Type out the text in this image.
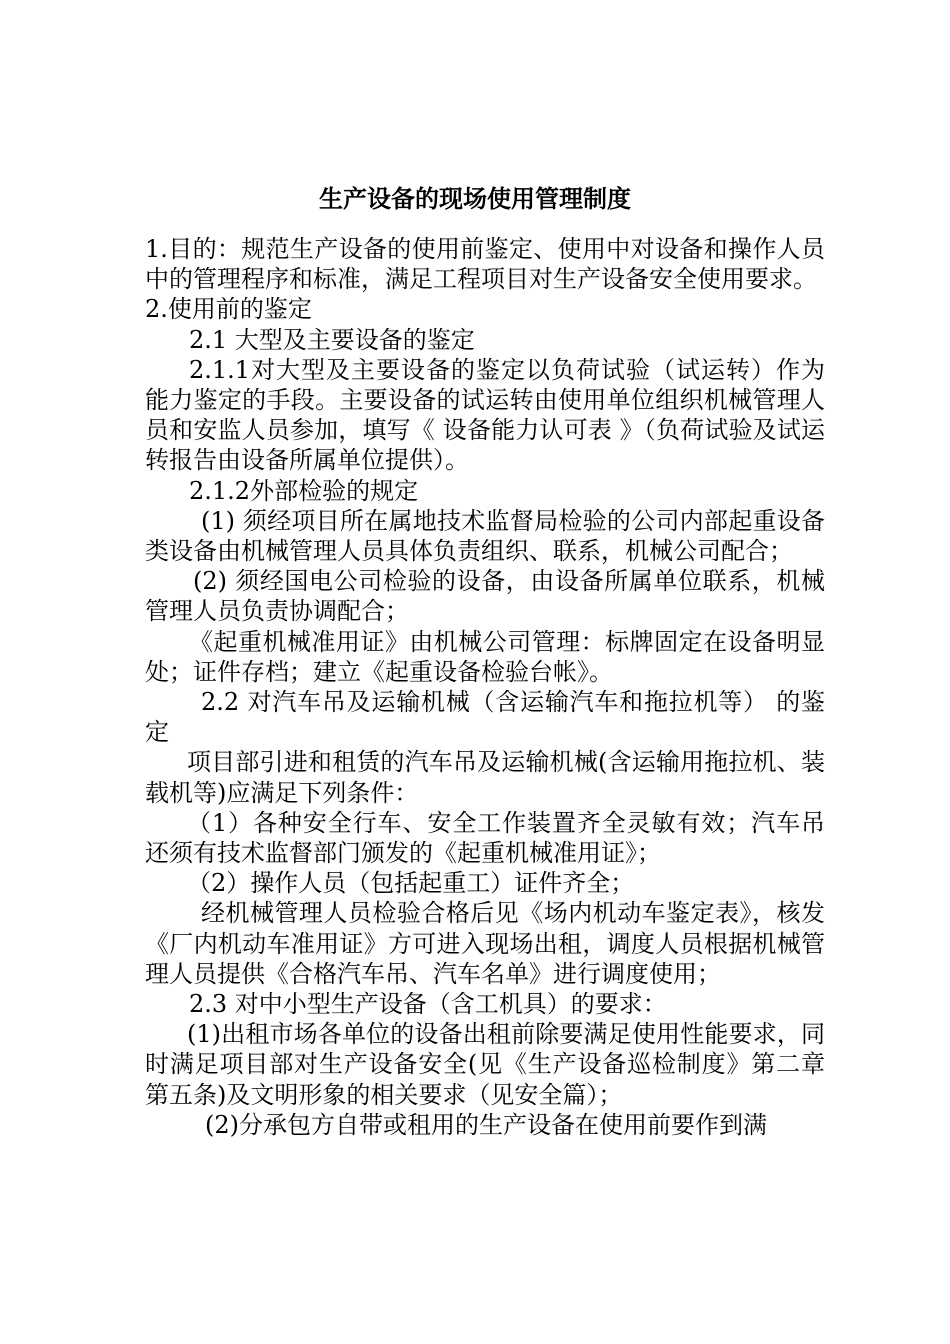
生产设备的现场使用管理制度

1.目的：规范生产设备的使用前鉴定、使用中对设备和操作人员中的管理程序和标准，满足工程项目对生产设备安全使用要求。

2.使用前的鉴定

2.1 大型及主要设备的鉴定

2.1.1对大型及主要设备的鉴定以负荷试验（试运转）作为能力鉴定的手段。主要设备的试运转由使用单位组织机械管理人员和安监人员参加，填写《 设备能力认可表 》（负荷试验及试运转报告由设备所属单位提供）。

2.1.2外部检验的规定

(1) 须经项目所在属地技术监督局检验的公司内部起重设备类设备由机械管理人员具体负责组织、联系，机械公司配合；

(2) 须经国电公司检验的设备，由设备所属单位联系，机械管理人员负责协调配合；

《起重机械准用证》由机械公司管理：标牌固定在设备明显处；证件存档；建立《起重设备检验台帐》。

2.2 对汽车吊及运输机械（含运输汽车和拖拉机等） 的鉴定

项目部引进和租赁的汽车吊及运输机械(含运输用拖拉机、装载机等)应满足下列条件：

（1）各种安全行车、安全工作装置齐全灵敏有效；汽车吊还须有技术监督部门颁发的《起重机械准用证》；

（2）操作人员（包括起重工）证件齐全；

经机械管理人员检验合格后见《场内机动车鉴定表》，核发《厂内机动车准用证》方可进入现场出租，调度人员根据机械管理人员提供《合格汽车吊、汽车名单》进行调度使用；

2.3 对中小型生产设备（含工机具）的要求：

(1)出租市场各单位的设备出租前除要满足使用性能要求，同时满足项目部对生产设备安全(见《生产设备巡检制度》第二章第五条)及文明形象的相关要求（见安全篇）；

(2)分承包方自带或租用的生产设备在使用前要作到满
